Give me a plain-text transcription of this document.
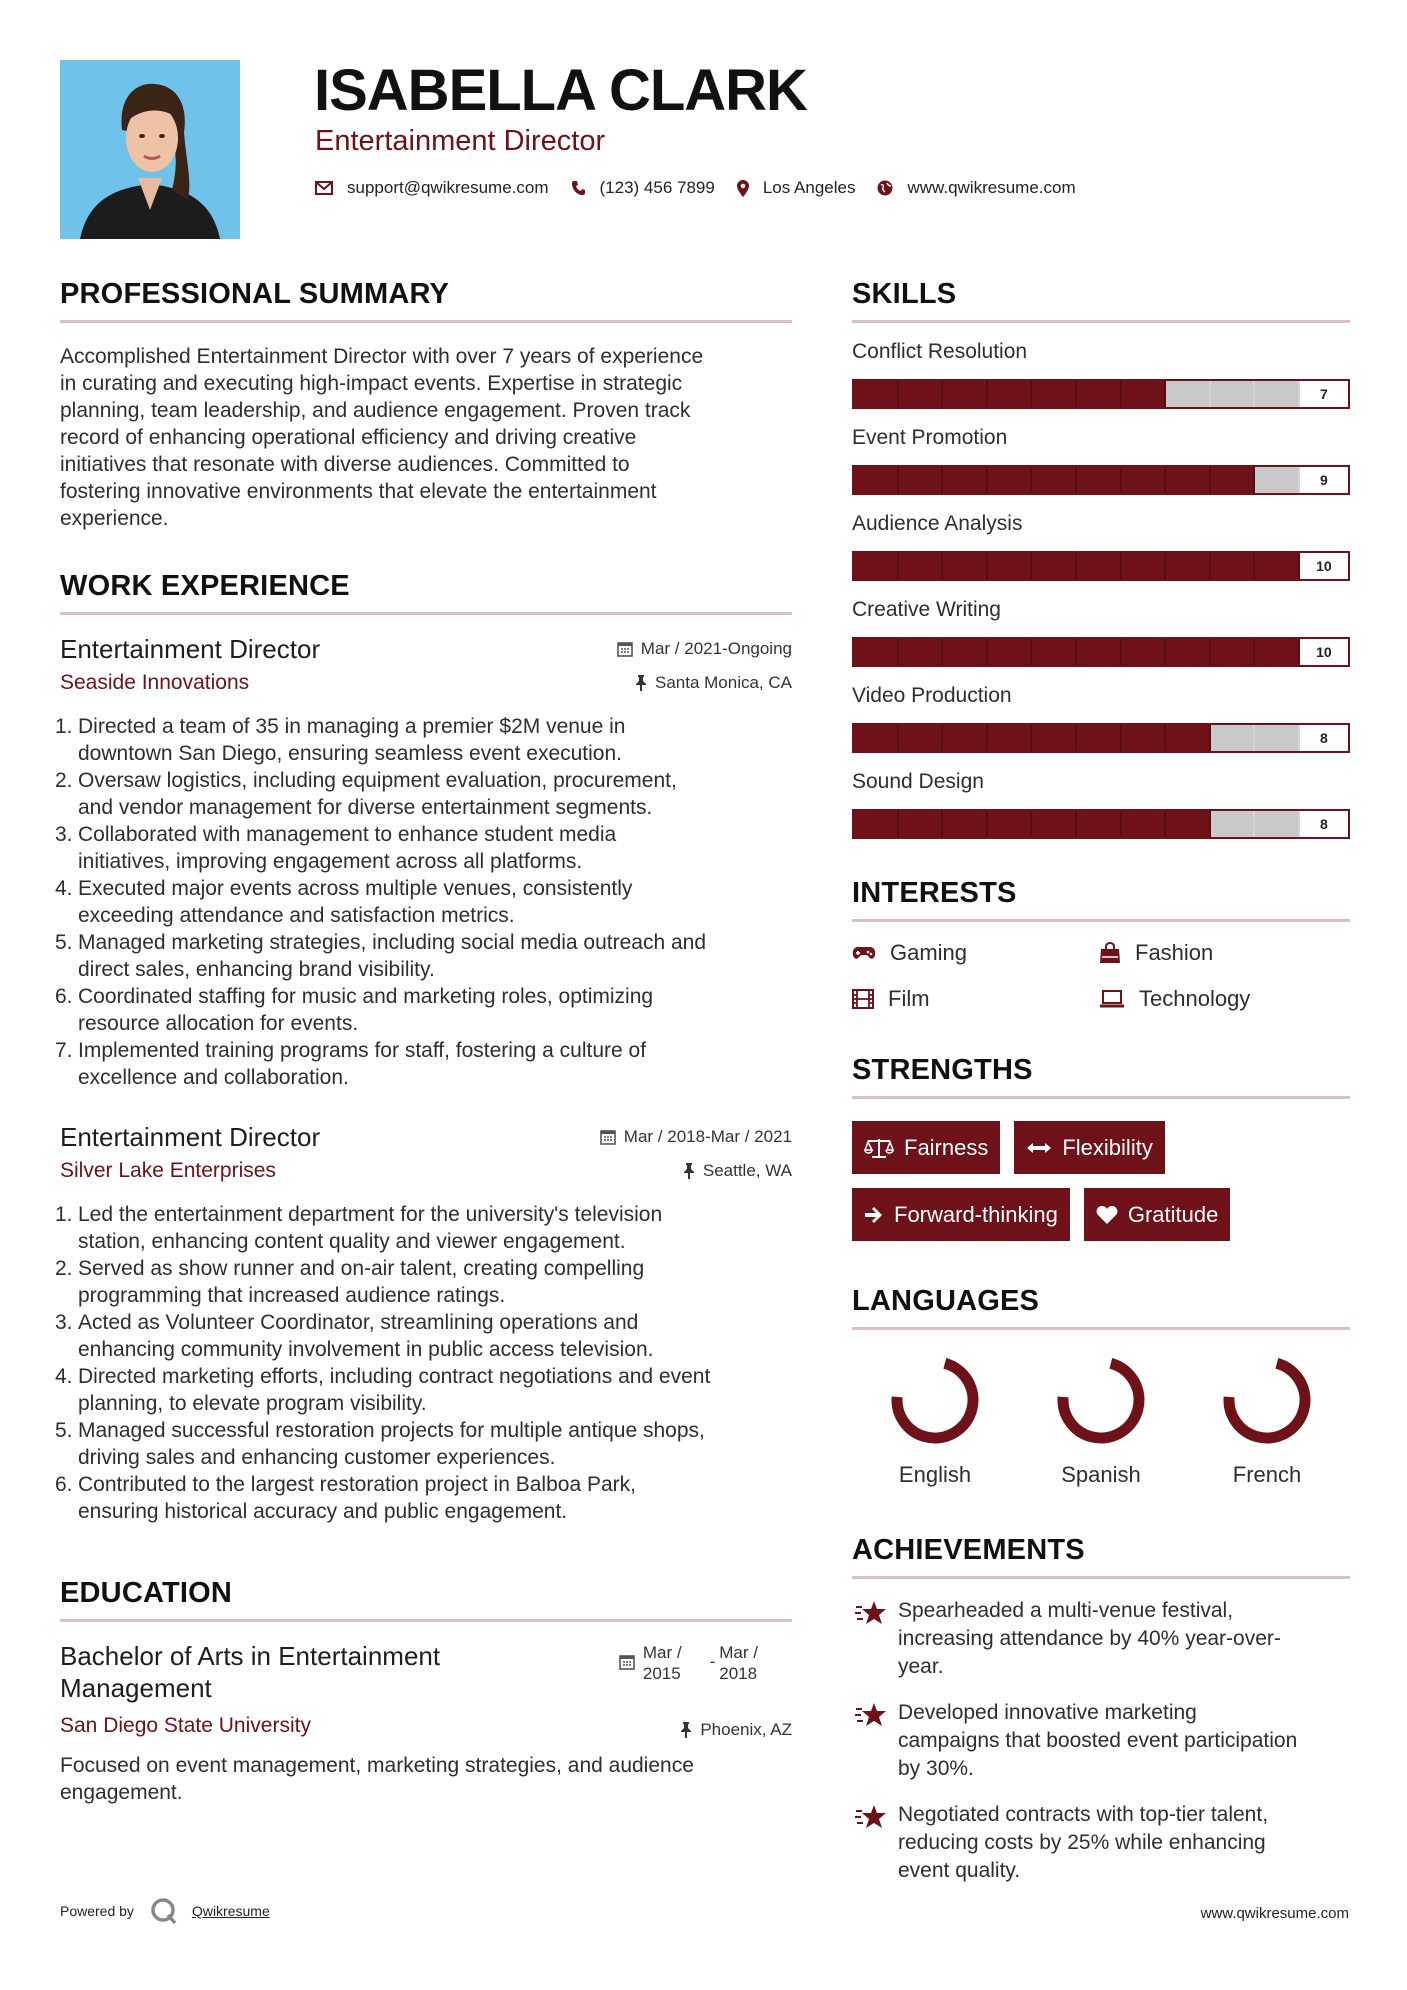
ISABELLA CLARK
Entertainment Director
support@qwikresume.com	(123) 456 7899	Los Angeles	www.qwikresume.com
PROFESSIONAL SUMMARY
Accomplished Entertainment Director with over 7 years of experience
in curating and executing high-impact events. Expertise in strategic
planning, team leadership, and audience engagement. Proven track
record of enhancing operational efficiency and driving creative
initiatives that resonate with diverse audiences. Committed to
fostering innovative environments that elevate the entertainment
experience.
WORK EXPERIENCE
Entertainment Director
Seaside Innovations
Mar / 2021-Ongoing
Santa Monica, CA
1. Directed a team of 35 in managing a premier $2M venue in
downtown San Diego, ensuring seamless event execution.
2. Oversaw logistics, including equipment evaluation, procurement,
and vendor management for diverse entertainment segments.
3. Collaborated with management to enhance student media
initiatives, improving engagement across all platforms.
4. Executed major events across multiple venues, consistently
exceeding attendance and satisfaction metrics.
5. Managed marketing strategies, including social media outreach and
direct sales, enhancing brand visibility.
6. Coordinated staffing for music and marketing roles, optimizing
resource allocation for events.
7. Implemented training programs for staff, fostering a culture of
excellence and collaboration.
Entertainment Director
Silver Lake Enterprises
Mar / 2018-Mar / 2021
Seattle, WA
1. Led the entertainment department for the university's television
station, enhancing content quality and viewer engagement.
2. Served as show runner and on-air talent, creating compelling
programming that increased audience ratings.
3. Acted as Volunteer Coordinator, streamlining operations and
enhancing community involvement in public access television.
4. Directed marketing efforts, including contract negotiations and event
planning, to elevate program visibility.
5. Managed successful restoration projects for multiple antique shops,
driving sales and enhancing customer experiences.
6. Contributed to the largest restoration project in Balboa Park,
ensuring historical accuracy and public engagement.
EDUCATION
Bachelor of Arts in Entertainment
Management
San Diego State University
Mar /
2015
- Mar /
2018
Phoenix, AZ
Focused on event management, marketing strategies, and audience
engagement.
SKILLS
Conflict Resolution
7
Event Promotion
9
Audience Analysis
10
Creative Writing
10
Video Production
8
Sound Design
8
INTERESTS
Gaming	Fashion
Film	Technology
STRENGTHS
Fairness	Flexibility
Forward-thinking	Gratitude
LANGUAGES
English	Spanish	French
ACHIEVEMENTS
Spearheaded a multi-venue festival,
increasing attendance by 40% year-over-
year.
Developed innovative marketing
campaigns that boosted event participation
by 30%.
Negotiated contracts with top-tier talent,
reducing costs by 25% while enhancing
event quality.
Powered by	Qwikresume	www.qwikresume.com
